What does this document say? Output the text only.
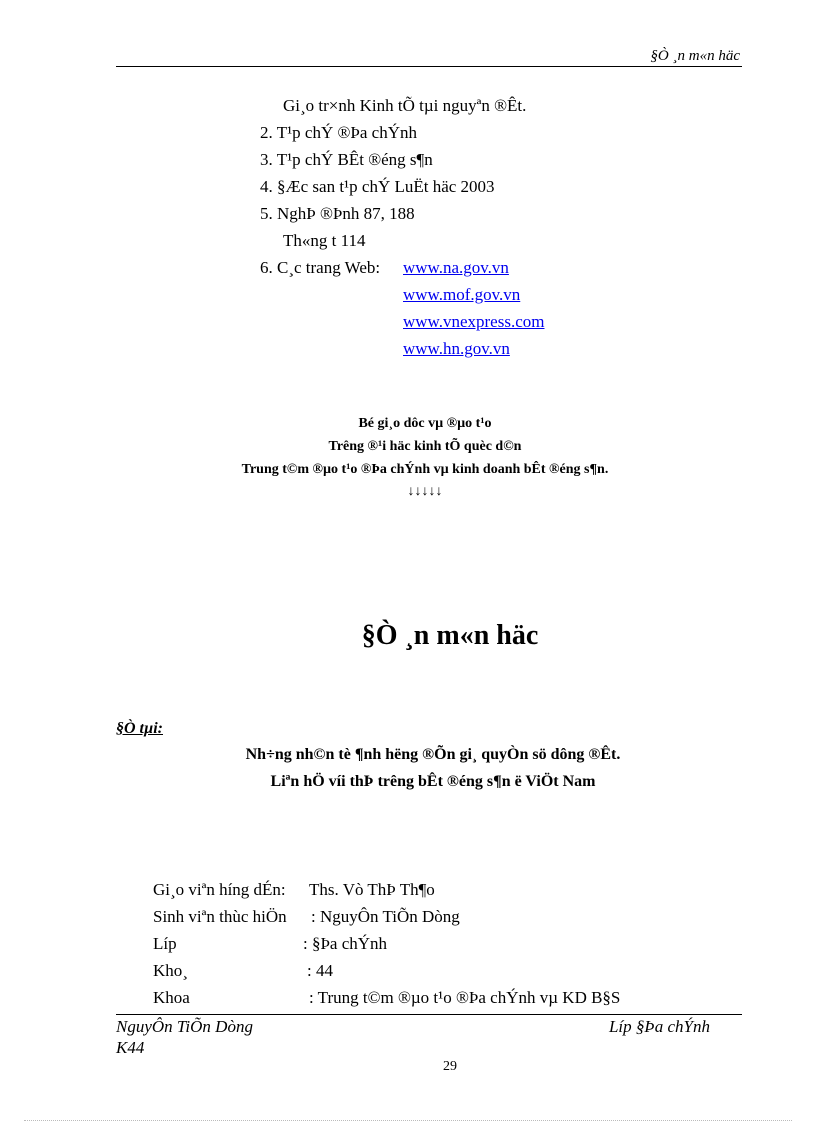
§Ò ¸n m«n häc
Gi¸o tr×nh Kinh tÕ tµi nguyªn ®Êt.
2. T¹p chÝ ®Þa chÝnh
3. T¹p chÝ BÊt ®éng s¶n
4. §Æc san t¹p chÝ LuËt häc 2003
5. NghÞ ®Þnh 87, 188
Th«ng t 114
6. C¸c trang Web: www.na.gov.vn
www.mof.gov.vn
www.vnexpress.com
www.hn.gov.vn
Bé gi¸o dôc vµ ®µo t¹o
Trêng ®¹i häc kinh tÕ quèc d©n
Trung t©m ®µo t¹o ®Þa chÝnh vµ kinh doanh bÊt ®éng s¶n.
↓↓↓↓↓
§Ò ¸n m«n häc
§Ò tµi:
Nh÷ng nh©n tè ¶nh hëng ®Õn gi¸ quyÒn sö dông ®Êt.
Liªn hÖ víi thÞ trêng bÊt ®éng s¶n ë ViÖt Nam
Gi¸o viªn híng dÉn: Ths. Vò ThÞ Th¶o
Sinh viªn thùc hiÖn : NguyÔn TiÕn Dòng
Líp	: §Þa chÝnh
Kho¸	: 44
Khoa	: Trung t©m ®µo t¹o ®Þa chÝnh vµ KD B§S
NguyÔn TiÕn Dòng
K44
Líp §Þa chÝnh
29
